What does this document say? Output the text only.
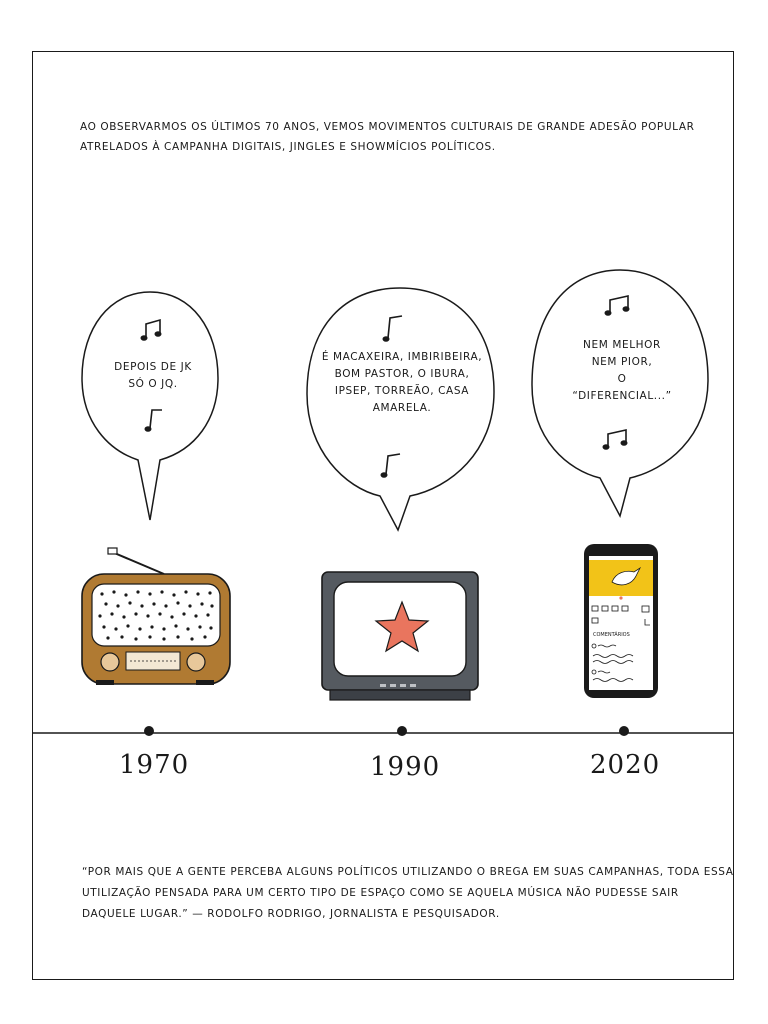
AO OBSERVARMOS OS ÚLTIMOS 70 ANOS, VEMOS MOVIMENTOS CULTURAIS DE GRANDE ADESÃO POPULAR
ATRELADOS À CAMPANHA DIGITAIS, JINGLES E SHOWMÍCIOS POLÍTICOS.
COMENTÁRIOS
DEPOIS DE JK
SÓ O JQ.
É MACAXEIRA, IMBIRIBEIRA,
BOM PASTOR, O IBURA,
IPSEP, TORREÃO, CASA
AMARELA.
NEM MELHOR
NEM PIOR,
O
“DIFERENCIAL...”
1970	1990	2020
“POR MAIS QUE A GENTE PERCEBA ALGUNS POLÍTICOS UTILIZANDO O BREGA EM SUAS CAMPANHAS, TODA ESSA
UTILIZAÇÃO PENSADA PARA UM CERTO TIPO DE ESPAÇO COMO SE AQUELA MÚSICA NÃO PUDESSE SAIR
DAQUELE LUGAR.” — RODOLFO RODRIGO, JORNALISTA E PESQUISADOR.
